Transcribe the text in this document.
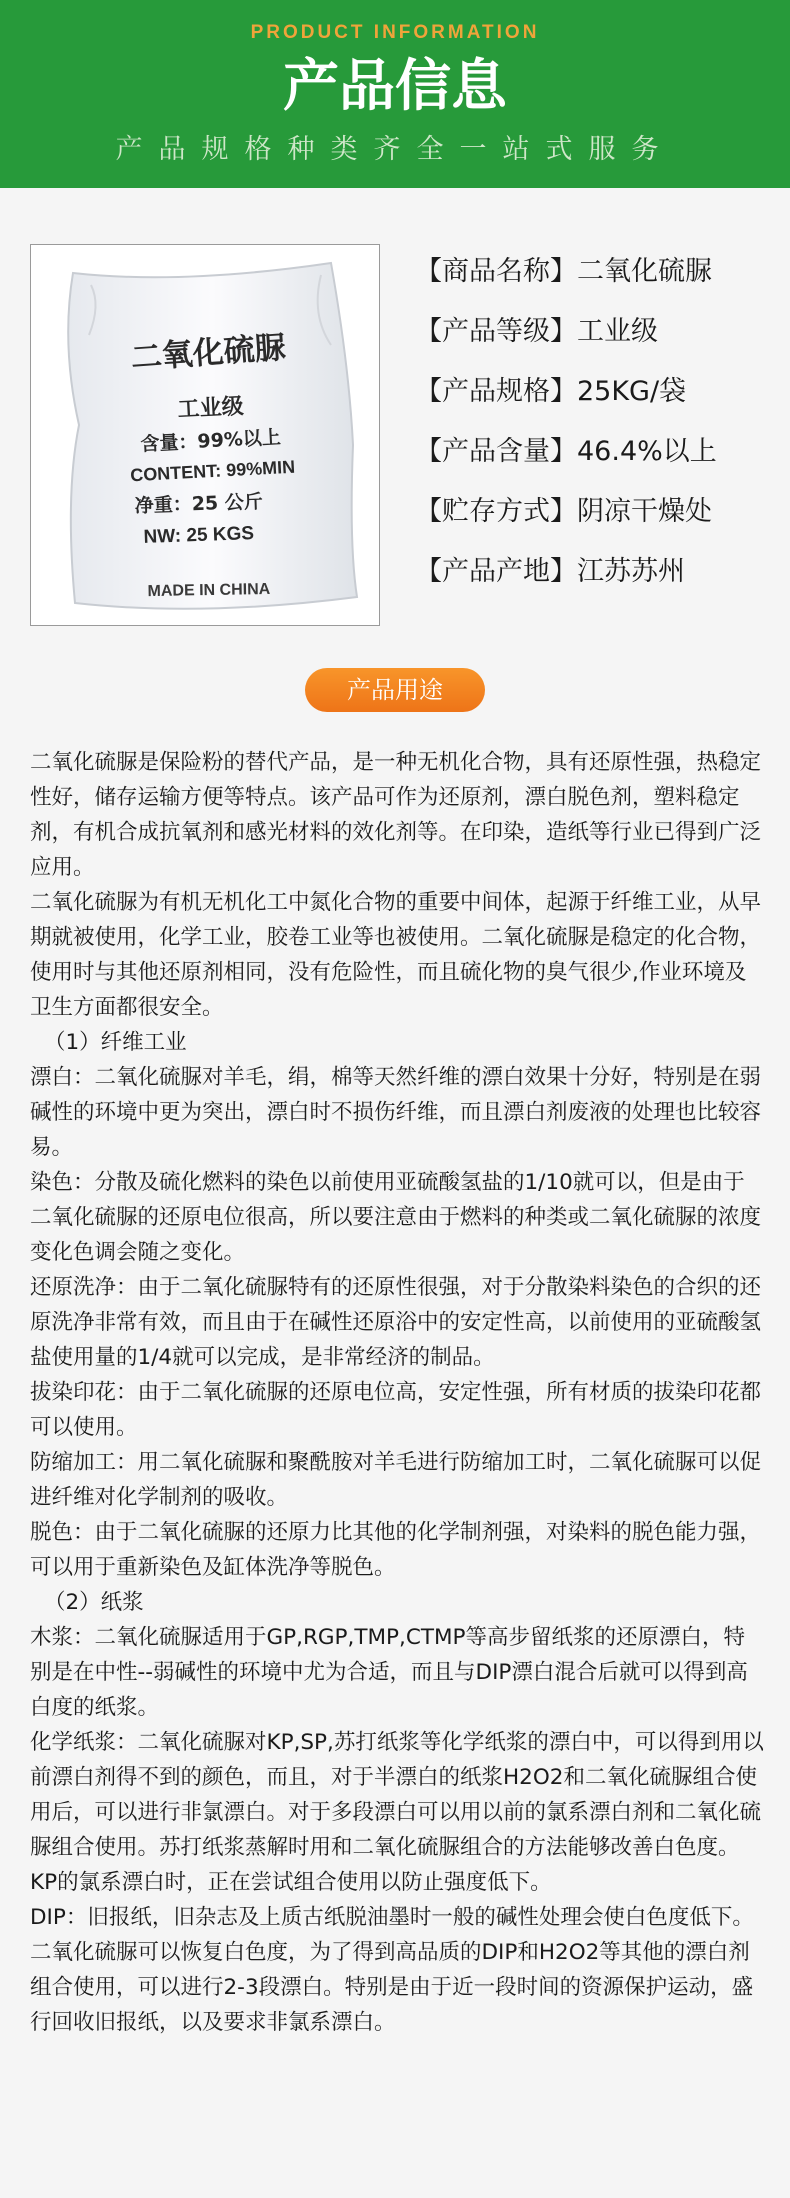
PRODUCT INFORMATION
产品信息
产品规格种类齐全一站式服务
二氧化硫脲
工业级
含量：99%以上
CONTENT: 99%MIN
净重：25 公斤
NW: 25 KGS
MADE IN CHINA
【商品名称】二氧化硫脲
【产品等级】工业级
【产品规格】25KG/袋
【产品含量】46.4%以上
【贮存方式】阴凉干燥处
【产品产地】江苏苏州
产品用途

二氧化硫脲是保险粉的替代产品，是一种无机化合物，具有还原性强，热稳定性好，储存运输方便等特点。该产品可作为还原剂，漂白脱色剂，塑料稳定剂，有机合成抗氧剂和感光材料的效化剂等。在印染，造纸等行业已得到广泛应用。

二氧化硫脲为有机无机化工中氮化合物的重要中间体，起源于纤维工业，从早期就被使用，化学工业，胶卷工业等也被使用。二氧化硫脲是稳定的化合物，使用时与其他还原剂相同，没有危险性，而且硫化物的臭气很少,作业环境及卫生方面都很安全。

（1）纤维工业

漂白：二氧化硫脲对羊毛，绢，棉等天然纤维的漂白效果十分好，特别是在弱碱性的环境中更为突出，漂白时不损伤纤维，而且漂白剂废液的处理也比较容易。

染色：分散及硫化燃料的染色以前使用亚硫酸氢盐的1/10就可以，但是由于二氧化硫脲的还原电位很高，所以要注意由于燃料的种类或二氧化硫脲的浓度变化色调会随之变化。

还原洗净：由于二氧化硫脲特有的还原性很强，对于分散染料染色的合织的还原洗净非常有效，而且由于在碱性还原浴中的安定性高，以前使用的亚硫酸氢盐使用量的1/4就可以完成，是非常经济的制品。

拔染印花：由于二氧化硫脲的还原电位高，安定性强，所有材质的拔染印花都可以使用。

防缩加工：用二氧化硫脲和聚酰胺对羊毛进行防缩加工时，二氧化硫脲可以促进纤维对化学制剂的吸收。

脱色：由于二氧化硫脲的还原力比其他的化学制剂强，对染料的脱色能力强，可以用于重新染色及缸体洗净等脱色。

（2）纸浆

木浆：二氧化硫脲适用于GP,RGP,TMP,CTMP等高步留纸浆的还原漂白，特别是在中性--弱碱性的环境中尤为合适，而且与DIP漂白混合后就可以得到高白度的纸浆。

化学纸浆：二氧化硫脲对KP,SP,苏打纸浆等化学纸浆的漂白中，可以得到用以前漂白剂得不到的颜色，而且，对于半漂白的纸浆H2O2和二氧化硫脲组合使用后，可以进行非氯漂白。对于多段漂白可以用以前的氯系漂白剂和二氧化硫脲组合使用。苏打纸浆蒸解时用和二氧化硫脲组合的方法能够改善白色度。KP的氯系漂白时，正在尝试组合使用以防止强度低下。

DIP：旧报纸，旧杂志及上质古纸脱油墨时一般的碱性处理会使白色度低下。二氧化硫脲可以恢复白色度，为了得到高品质的DIP和H2O2等其他的漂白剂组合使用，可以进行2-3段漂白。特别是由于近一段时间的资源保护运动，盛行回收旧报纸，以及要求非氯系漂白。
